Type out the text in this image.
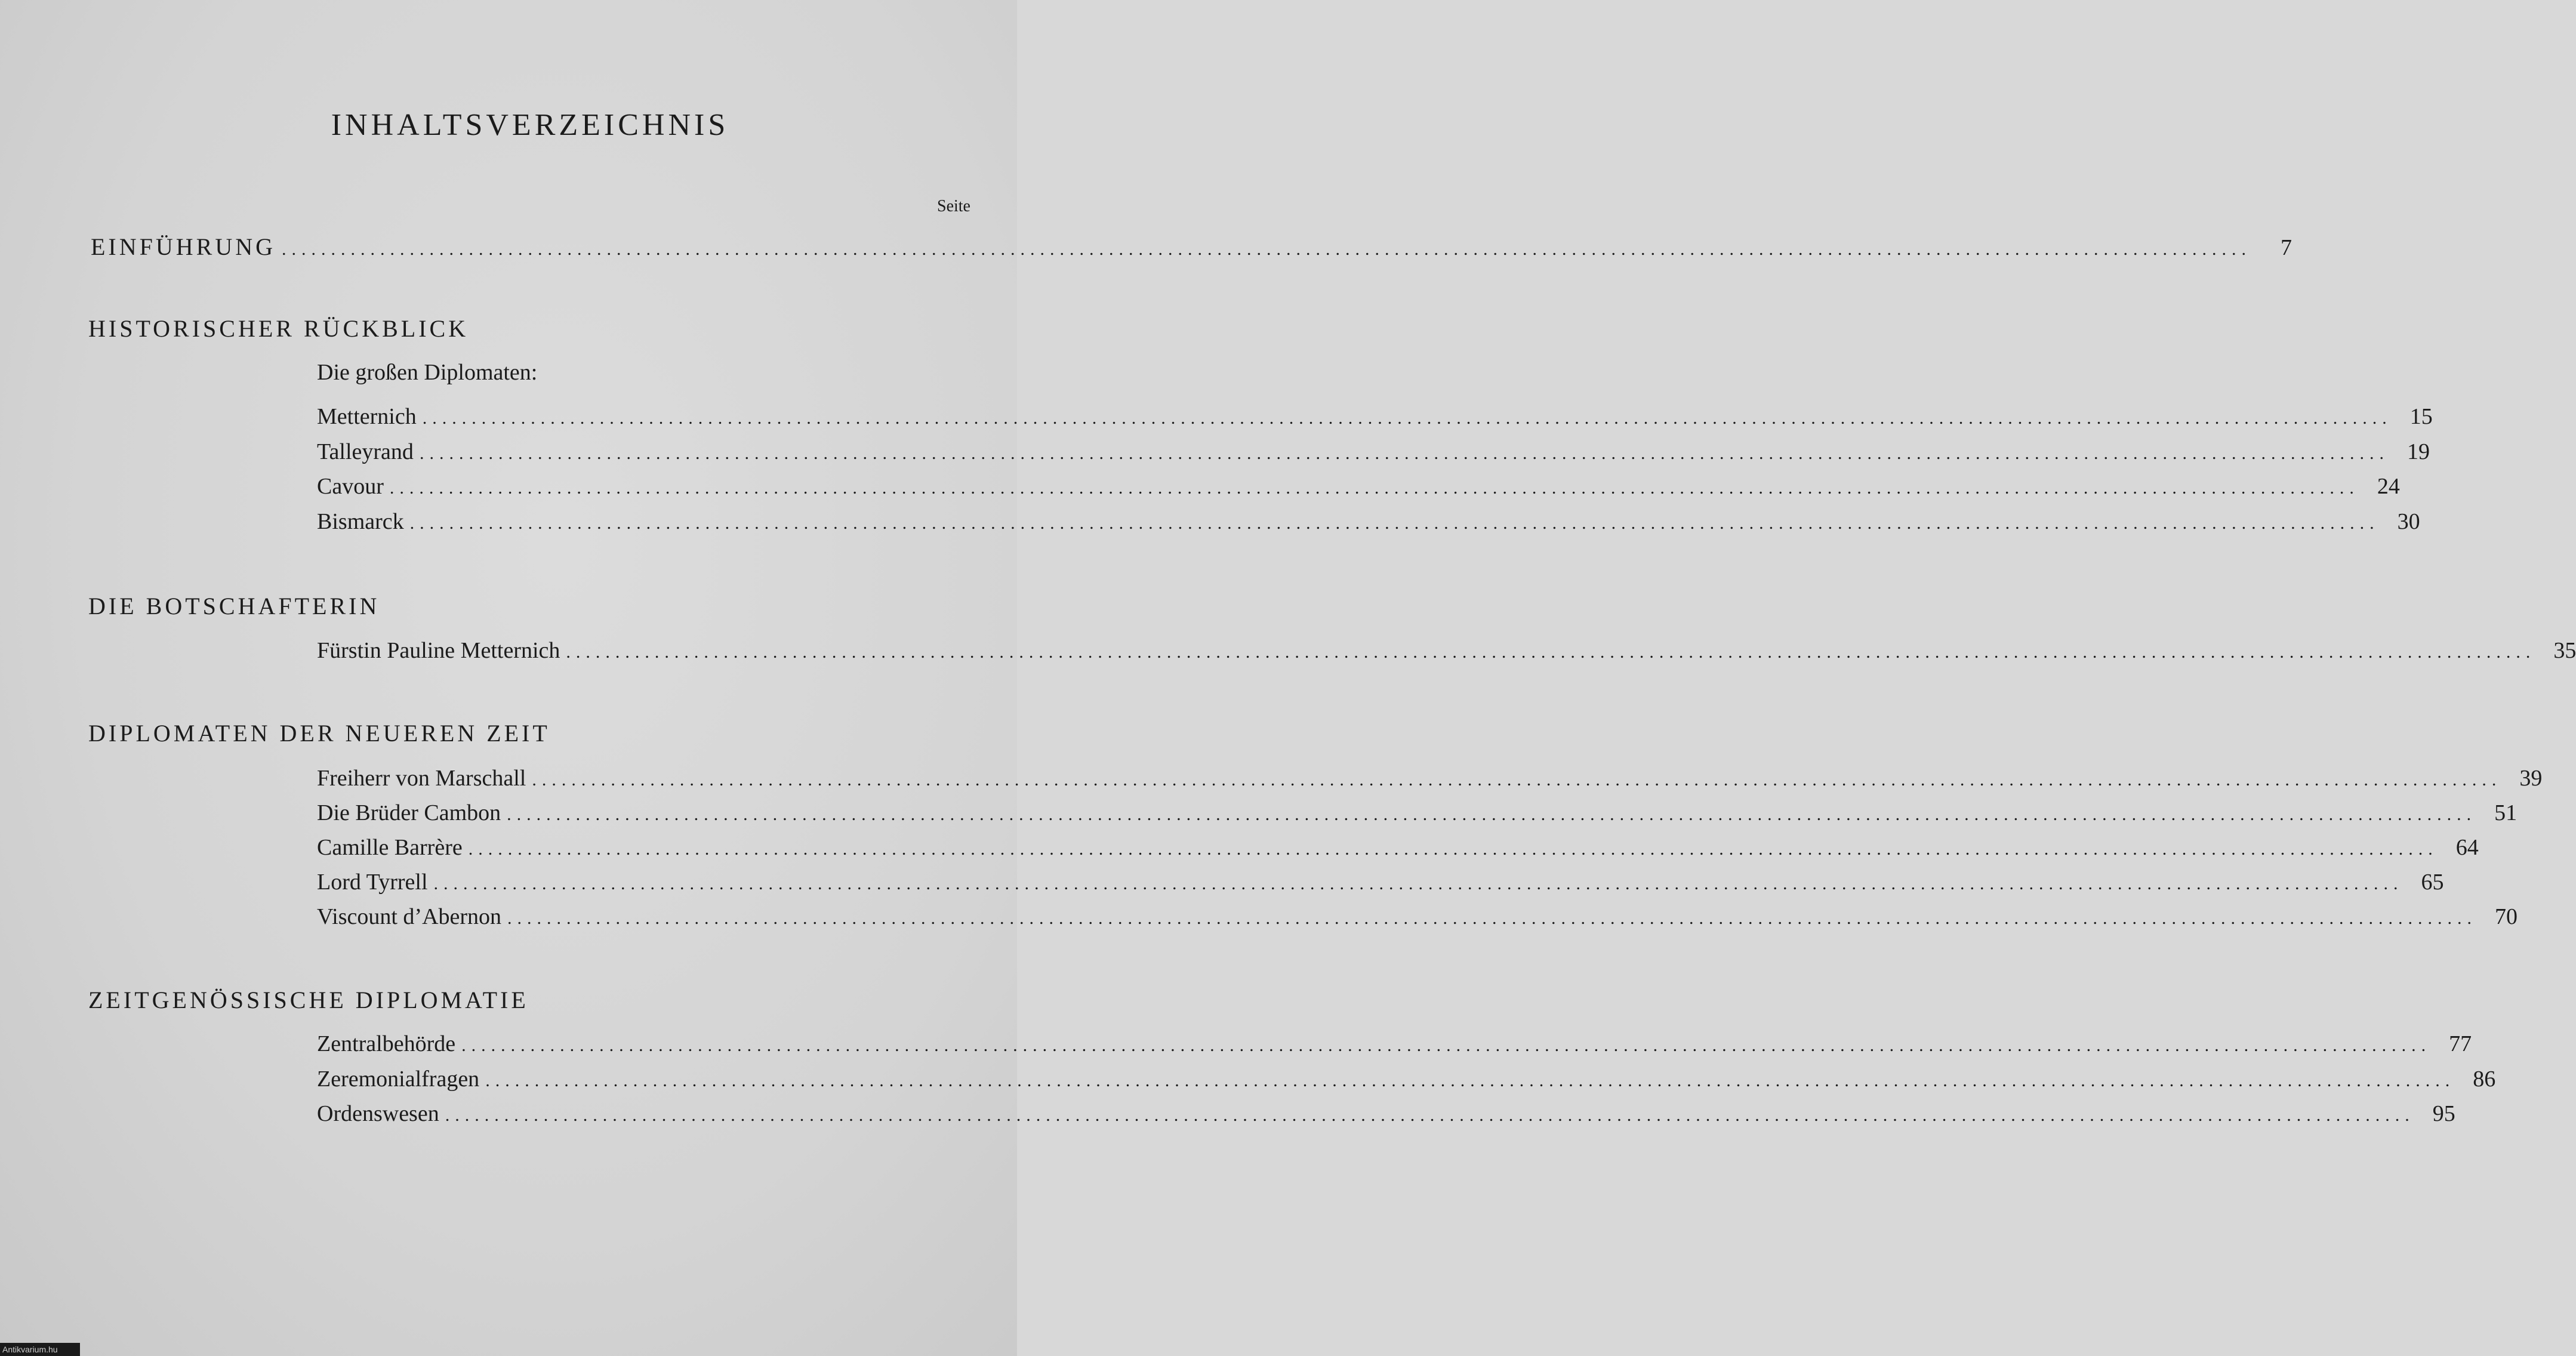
INHALTSVERZEICHNIS
Seite
EINFÜHRUNG ........................................................................................................................................................................................................	7
HISTORISCHER RÜCKBLICK
Die großen Diplomaten:
Metternich ........................................................................................................................................................................................................ 15
Talleyrand ........................................................................................................................................................................................................ 19
Cavour ........................................................................................................................................................................................................ 24
Bismarck ........................................................................................................................................................................................................ 30
DIE BOTSCHAFTERIN
Fürstin Pauline Metternich ........................................................................................................................................................................................................ 35
DIPLOMATEN DER NEUEREN ZEIT
Freiherr von Marschall ........................................................................................................................................................................................................ 39
Die Brüder Cambon ........................................................................................................................................................................................................ 51
Camille Barrère ........................................................................................................................................................................................................ 64
Lord Tyrrell ........................................................................................................................................................................................................ 65
Viscount d’Abernon ........................................................................................................................................................................................................ 70
ZEITGENÖSSISCHE DIPLOMATIE
Zentralbehörde ........................................................................................................................................................................................................ 77
Zeremonialfragen ........................................................................................................................................................................................................ 86
Ordenswesen ........................................................................................................................................................................................................ 95
Antikvarium.hu
